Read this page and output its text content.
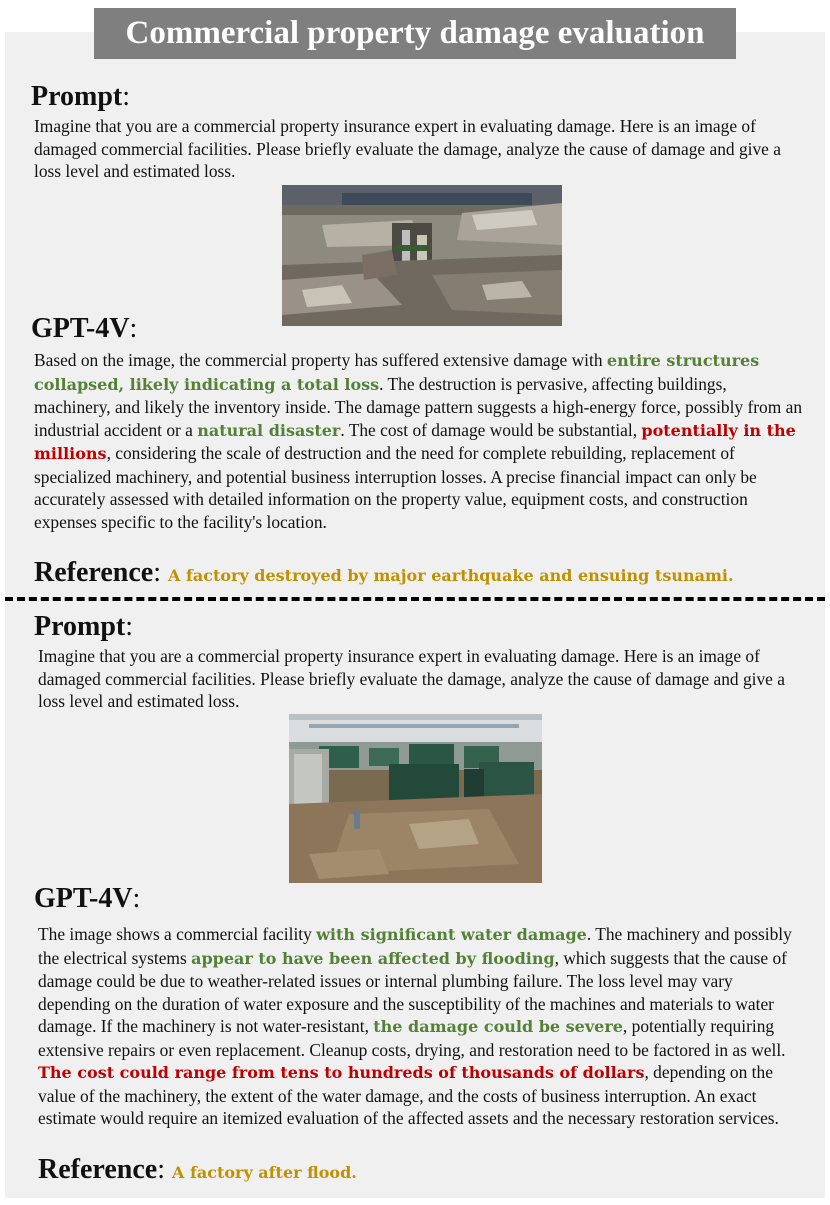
Commercial property damage evaluation
Prompt:

Imagine that you are a commercial property insurance expert in evaluating damage. Here is an image of damaged commercial facilities. Please briefly evaluate the damage, analyze the cause of damage and give a loss level and estimated loss.

GPT-4V:

Based on the image, the commercial property has suffered extensive damage with entire structures collapsed, likely indicating a total loss. The destruction is pervasive, affecting buildings, machinery, and likely the inventory inside. The damage pattern suggests a high-energy force, possibly from an industrial accident or a natural disaster. The cost of damage would be substantial, potentially in the millions, considering the scale of destruction and the need for complete rebuilding, replacement of specialized machinery, and potential business interruption losses. A precise financial impact can only be accurately assessed with detailed information on the property value, equipment costs, and construction expenses specific to the facility's location.

Reference: A factory destroyed by major earthquake and ensuing tsunami.
Prompt:

Imagine that you are a commercial property insurance expert in evaluating damage. Here is an image of damaged commercial facilities. Please briefly evaluate the damage, analyze the cause of damage and give a loss level and estimated loss.

GPT-4V:

The image shows a commercial facility with significant water damage. The machinery and possibly the electrical systems appear to have been affected by flooding, which suggests that the cause of damage could be due to weather-related issues or internal plumbing failure. The loss level may vary depending on the duration of water exposure and the susceptibility of the machines and materials to water damage. If the machinery is not water-resistant, the damage could be severe, potentially requiring extensive repairs or even replacement. Cleanup costs, drying, and restoration need to be factored in as well. The cost could range from tens to hundreds of thousands of dollars, depending on the value of the machinery, the extent of the water damage, and the costs of business interruption. An exact estimate would require an itemized evaluation of the affected assets and the necessary restoration services.

Reference: A factory after flood.
